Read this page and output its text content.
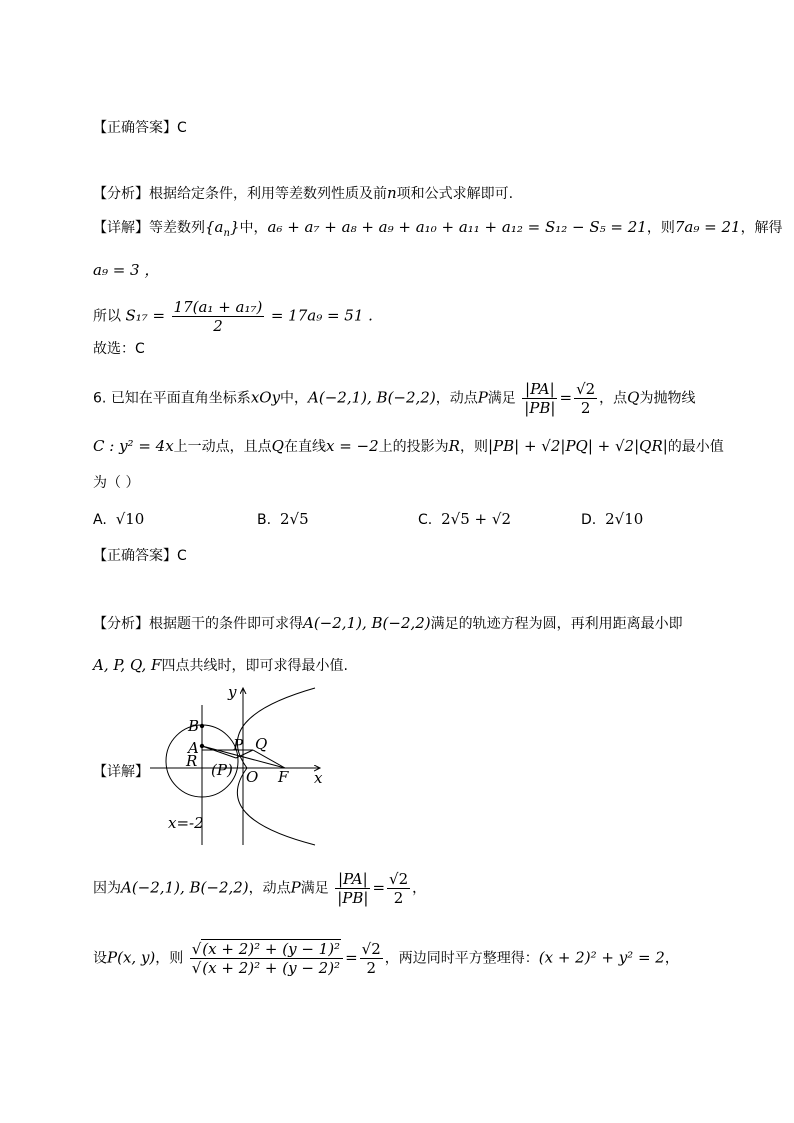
【正确答案】C
【分析】根据给定条件，利用等差数列性质及前n项和公式求解即可.
【详解】等差数列$\{a_n\}$中，a₆ + a₇ + a₈ + a₉ + a₁₀ + a₁₁ + a₁₂ = S₁₂ − S₅ = 21，则7a₉ = 21，解得
a₉ = 3 ，
所以 $S_{17} = \frac{\text{17(a₁ + a₁₇)}}{2} = 17a_9 = 51$ .
故选：C
6. 已知在平面直角坐标系xOy中，A(−2,1), B(−2,2)，动点P满足 $\frac{|PA|}{|PB|} = \frac{√2}{2}$ ，点Q为抛物线
C : y² = 4x上一动点，且点Q在直线x = −2上的投影为R，则|PB| + √2|PQ| + √2|QR|的最小值
为（ ）
A. √10	B. 2√5	C. 2√5 + √2	D. 2√10
【正确答案】C
【分析】根据题干的条件即可求得A(−2,1), B(−2,2)满足的轨迹方程为圆，再利用距离最小即
A, P, Q, F四点共线时，即可求得最小值.
【详解】
y
x
B
A
R
P
(P)
Q
O F
x=-2
因为A(−2,1), B(−2,2)，动点P满足 $\frac{|PA|}{|PB|} = \frac{√2}{2}$ ，
设P(x, y)，则 $\frac{\text{√(x + 2)² + (y − 1)²}}{\text{√(x + 2)² + (y − 2)²}} = \frac{√2}{2}$ ，两边同时平方整理得：(x + 2)² + y² = 2，
